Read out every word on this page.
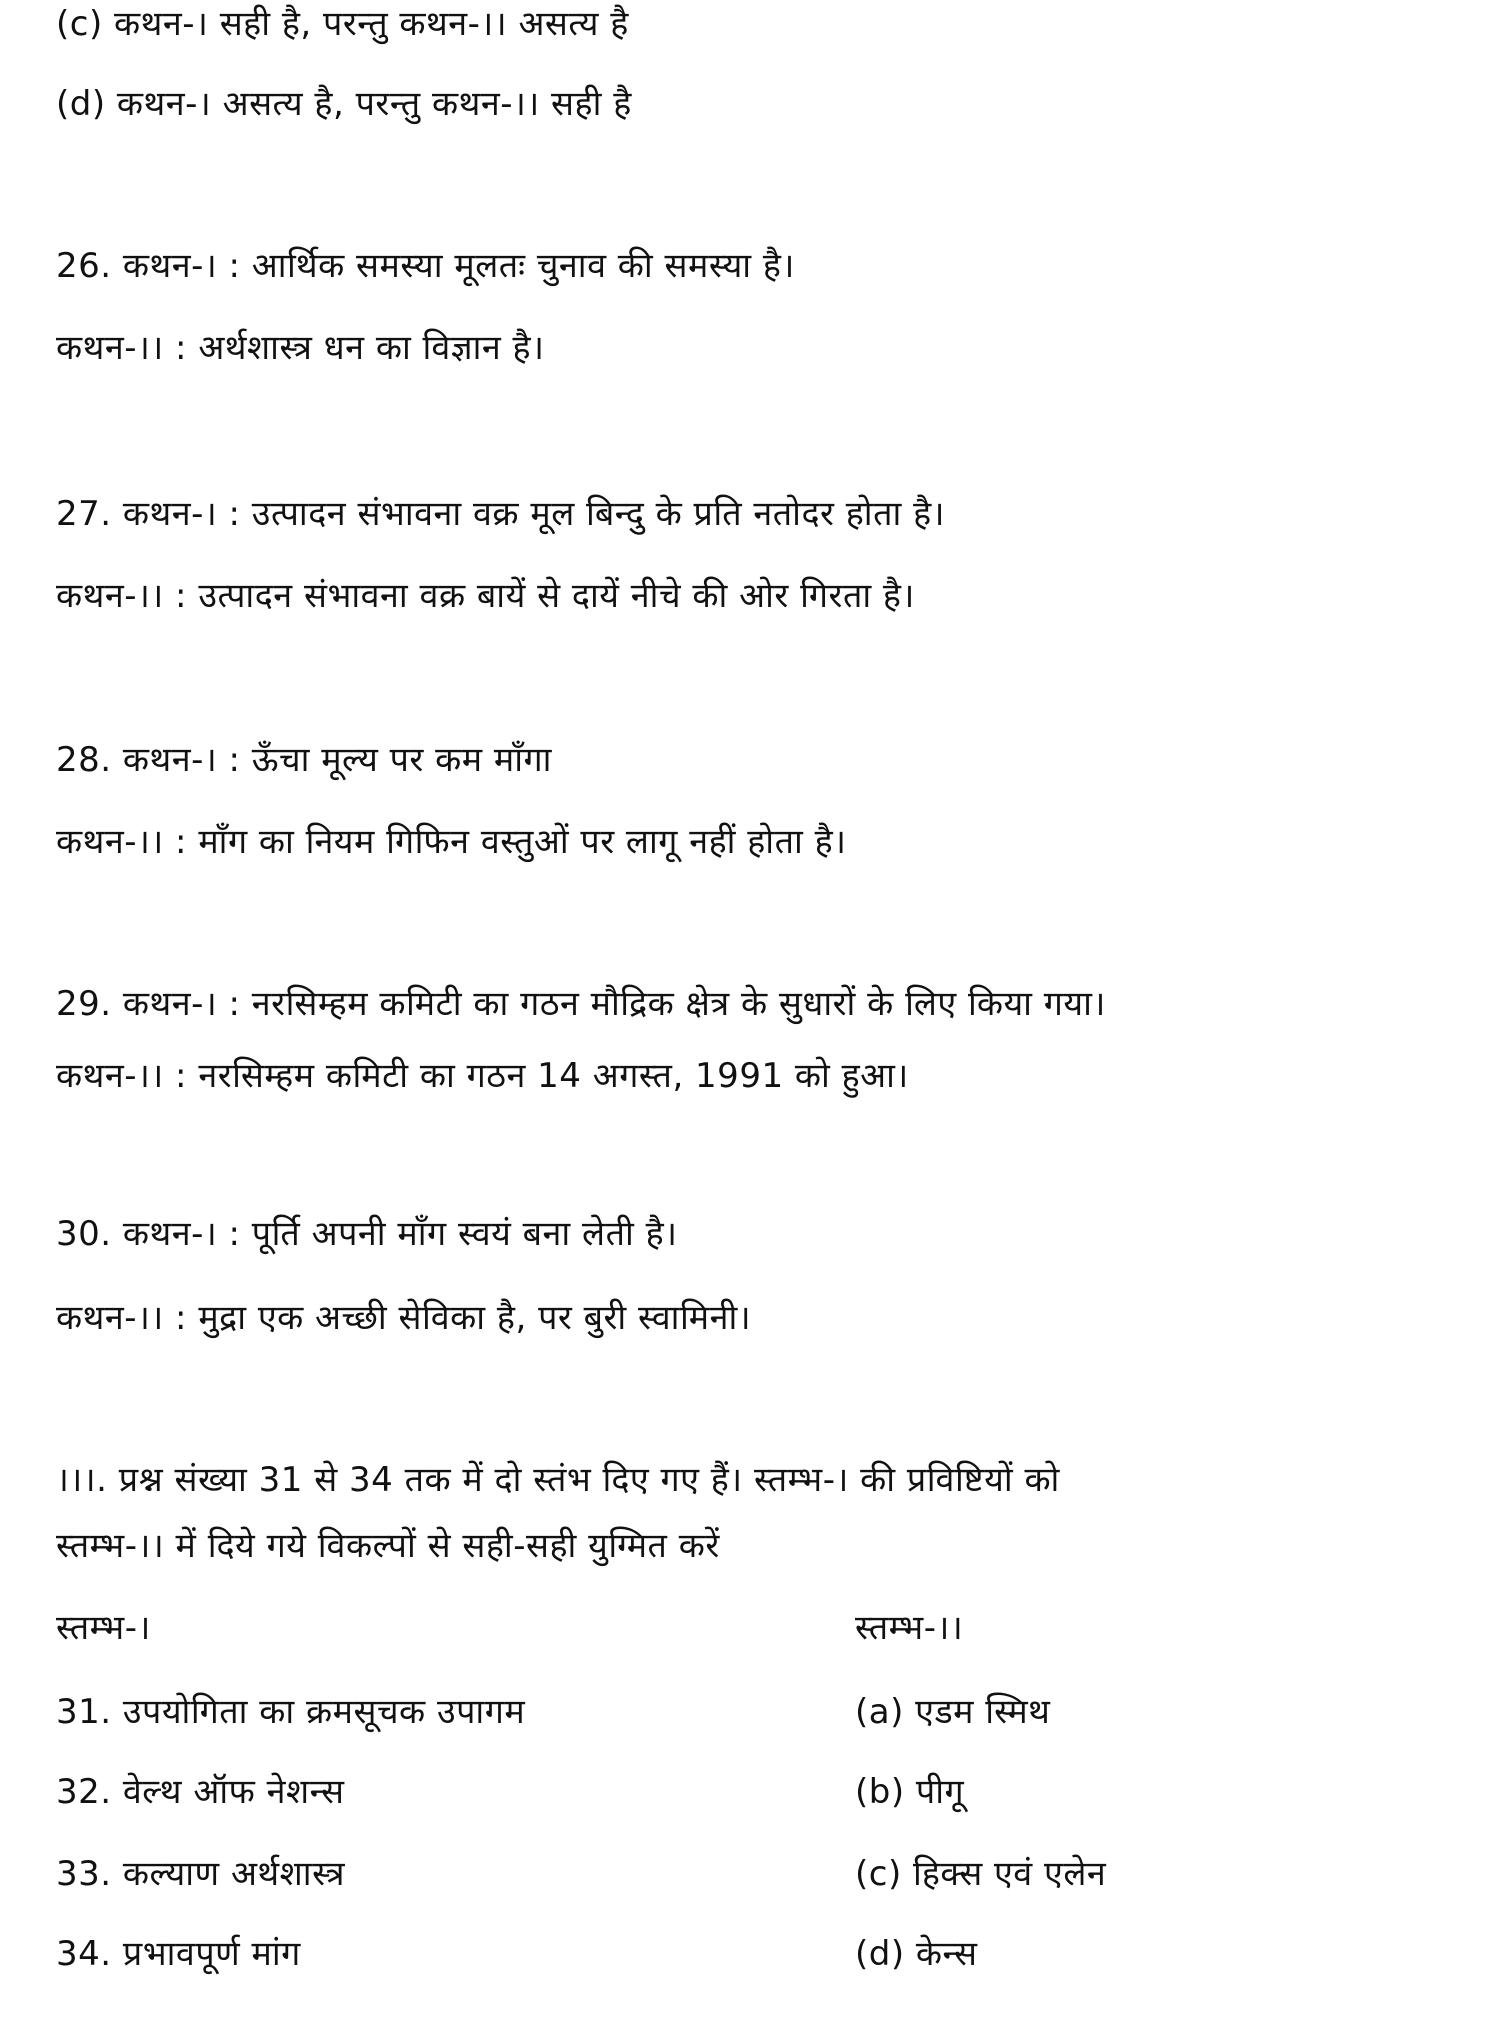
(c) कथन-। सही है, परन्तु कथन-।। असत्य है
(d) कथन-। असत्य है, परन्तु कथन-।। सही है
26. कथन-। : आर्थिक समस्या मूलतः चुनाव की समस्या है।
कथन-।। : अर्थशास्त्र धन का विज्ञान है।
27. कथन-। : उत्पादन संभावना वक्र मूल बिन्दु के प्रति नतोदर होता है।
कथन-।। : उत्पादन संभावना वक्र बायें से दायें नीचे की ओर गिरता है।
28. कथन-। : ऊँचा मूल्य पर कम माँगा
कथन-।। : माँग का नियम गिफिन वस्तुओं पर लागू नहीं होता है।
29. कथन-। : नरसिम्हम कमिटी का गठन मौद्रिक क्षेत्र के सुधारों के लिए किया गया।
कथन-।। : नरसिम्हम कमिटी का गठन 14 अगस्त, 1991 को हुआ।
30. कथन-। : पूर्ति अपनी माँग स्वयं बना लेती है।
कथन-।। : मुद्रा एक अच्छी सेविका है, पर बुरी स्वामिनी।
।।।. प्रश्न संख्या 31 से 34 तक में दो स्तंभ दिए गए हैं। स्तम्भ-। की प्रविष्टियों को
स्तम्भ-।। में दिये गये विकल्पों से सही-सही युग्मित करें
स्तम्भ-।	स्तम्भ-।।
31. उपयोगिता का क्रमसूचक उपागम	(a) एडम स्मिथ
32. वेल्थ ऑफ नेशन्स	(b) पीगू
33. कल्याण अर्थशास्त्र	(c) हिक्स एवं एलेन
34. प्रभावपूर्ण मांग	(d) केन्स
